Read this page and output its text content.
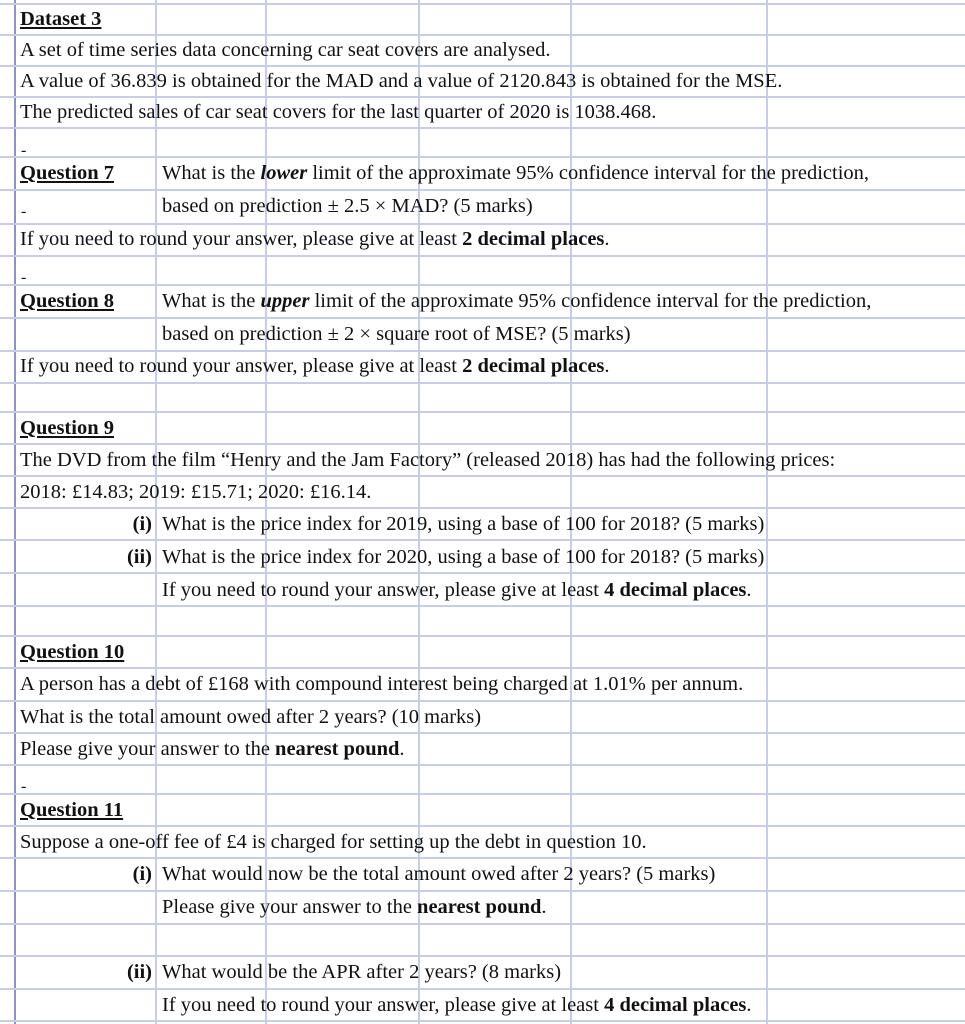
Dataset 3
A set of time series data concerning car seat covers are analysed.
A value of 36.839 is obtained for the MAD and a value of 2120.843 is obtained for the MSE.
The predicted sales of car seat covers for the last quarter of 2020 is 1038.468.
-
Question 7 What is the lower limit of the approximate 95% confidence interval for the prediction,
-	based on prediction ± 2.5 × MAD? (5 marks)
If you need to round your answer, please give at least 2 decimal places.
-
Question 8 What is the upper limit of the approximate 95% confidence interval for the prediction,
based on prediction ± 2 × square root of MSE? (5 marks)
If you need to round your answer, please give at least 2 decimal places.
Question 9
The DVD from the film “Henry and the Jam Factory” (released 2018) has had the following prices:
2018: £14.83; 2019: £15.71; 2020: £16.14.
(i) What is the price index for 2019, using a base of 100 for 2018? (5 marks)
(ii) What is the price index for 2020, using a base of 100 for 2018? (5 marks)
If you need to round your answer, please give at least 4 decimal places.
Question 10
A person has a debt of £168 with compound interest being charged at 1.01% per annum.
What is the total amount owed after 2 years? (10 marks)
Please give your answer to the nearest pound.
-
Question 11
Suppose a one-off fee of £4 is charged for setting up the debt in question 10.
(i) What would now be the total amount owed after 2 years? (5 marks)
Please give your answer to the nearest pound.
(ii) What would be the APR after 2 years? (8 marks)
If you need to round your answer, please give at least 4 decimal places.
